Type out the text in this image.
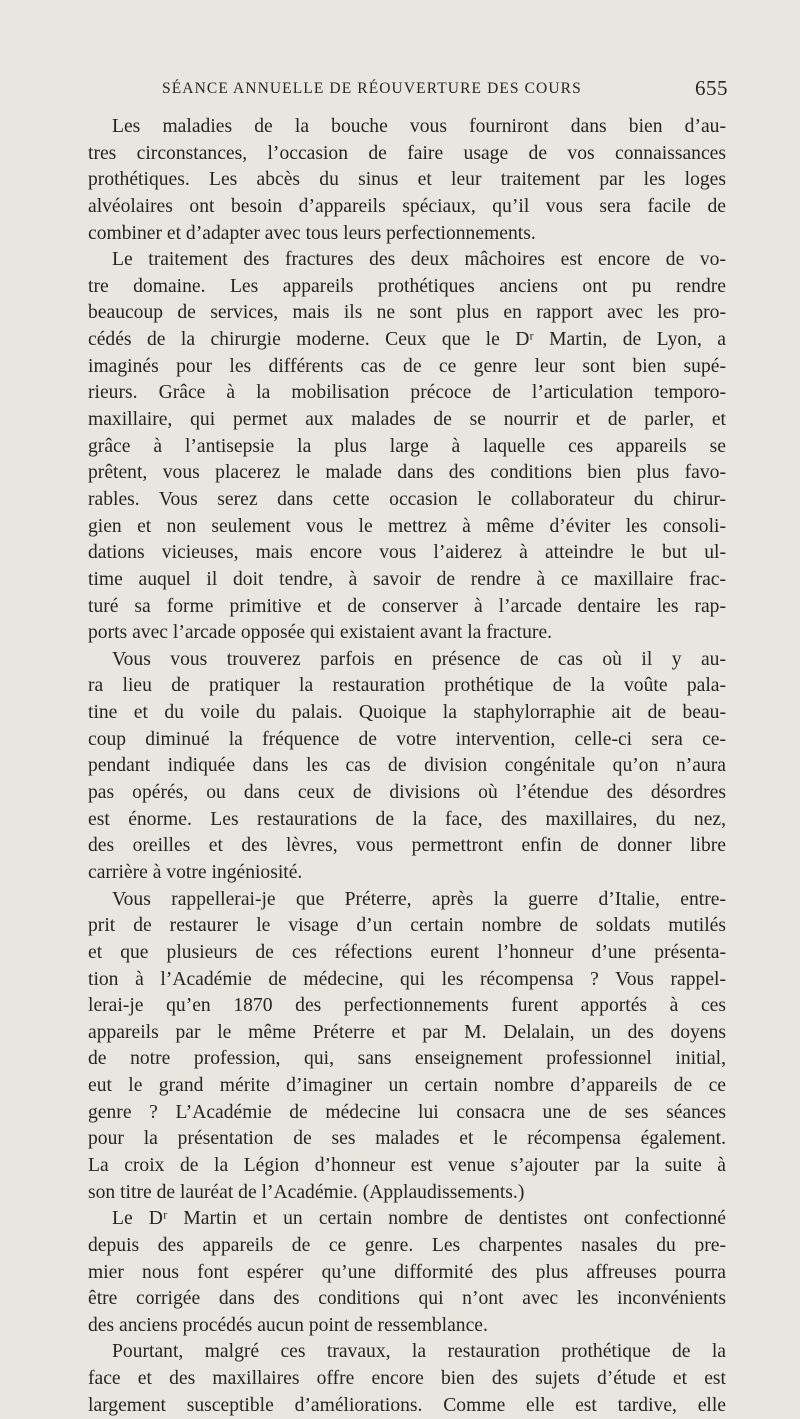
SÉANCE ANNUELLE DE RÉOUVERTURE DES COURS	655
Les maladies de la bouche vous fourniront dans bien d’au-
tres circonstances, l’occasion de faire usage de vos connaissances
prothétiques. Les abcès du sinus et leur traitement par les loges
alvéolaires ont besoin d’appareils spéciaux, qu’il vous sera facile de
combiner et d’adapter avec tous leurs perfectionnements.
Le traitement des fractures des deux mâchoires est encore de vo-
tre domaine. Les appareils prothétiques anciens ont pu rendre
beaucoup de services, mais ils ne sont plus en rapport avec les pro-
cédés de la chirurgie moderne. Ceux que le Dʳ Martin, de Lyon, a
imaginés pour les différents cas de ce genre leur sont bien supé-
rieurs. Grâce à la mobilisation précoce de l’articulation temporo-
maxillaire, qui permet aux malades de se nourrir et de parler, et
grâce à l’antisepsie la plus large à laquelle ces appareils se
prêtent, vous placerez le malade dans des conditions bien plus favo-
rables. Vous serez dans cette occasion le collaborateur du chirur-
gien et non seulement vous le mettrez à même d’éviter les consoli-
dations vicieuses, mais encore vous l’aiderez à atteindre le but ul-
time auquel il doit tendre, à savoir de rendre à ce maxillaire frac-
turé sa forme primitive et de conserver à l’arcade dentaire les rap-
ports avec l’arcade opposée qui existaient avant la fracture.
Vous vous trouverez parfois en présence de cas où il y au-
ra lieu de pratiquer la restauration prothétique de la voûte pala-
tine et du voile du palais. Quoique la staphylorraphie ait de beau-
coup diminué la fréquence de votre intervention, celle-ci sera ce-
pendant indiquée dans les cas de division congénitale qu’on n’aura
pas opérés, ou dans ceux de divisions où l’étendue des désordres
est énorme. Les restaurations de la face, des maxillaires, du nez,
des oreilles et des lèvres, vous permettront enfin de donner libre
carrière à votre ingéniosité.
Vous rappellerai-je que Préterre, après la guerre d’Italie, entre-
prit de restaurer le visage d’un certain nombre de soldats mutilés
et que plusieurs de ces réfections eurent l’honneur d’une présenta-
tion à l’Académie de médecine, qui les récompensa ? Vous rappel-
lerai-je qu’en 1870 des perfectionnements furent apportés à ces
appareils par le même Préterre et par M. Delalain, un des doyens
de notre profession, qui, sans enseignement professionnel initial,
eut le grand mérite d’imaginer un certain nombre d’appareils de ce
genre ? L’Académie de médecine lui consacra une de ses séances
pour la présentation de ses malades et le récompensa également.
La croix de la Légion d’honneur est venue s’ajouter par la suite à
son titre de lauréat de l’Académie. (Applaudissements.)
Le Dʳ Martin et un certain nombre de dentistes ont confectionné
depuis des appareils de ce genre. Les charpentes nasales du pre-
mier nous font espérer qu’une difformité des plus affreuses pourra
être corrigée dans des conditions qui n’ont avec les inconvénients
des anciens procédés aucun point de ressemblance.
Pourtant, malgré ces travaux, la restauration prothétique de la
face et des maxillaires offre encore bien des sujets d’étude et est
largement susceptible d’améliorations. Comme elle est tardive, elle
